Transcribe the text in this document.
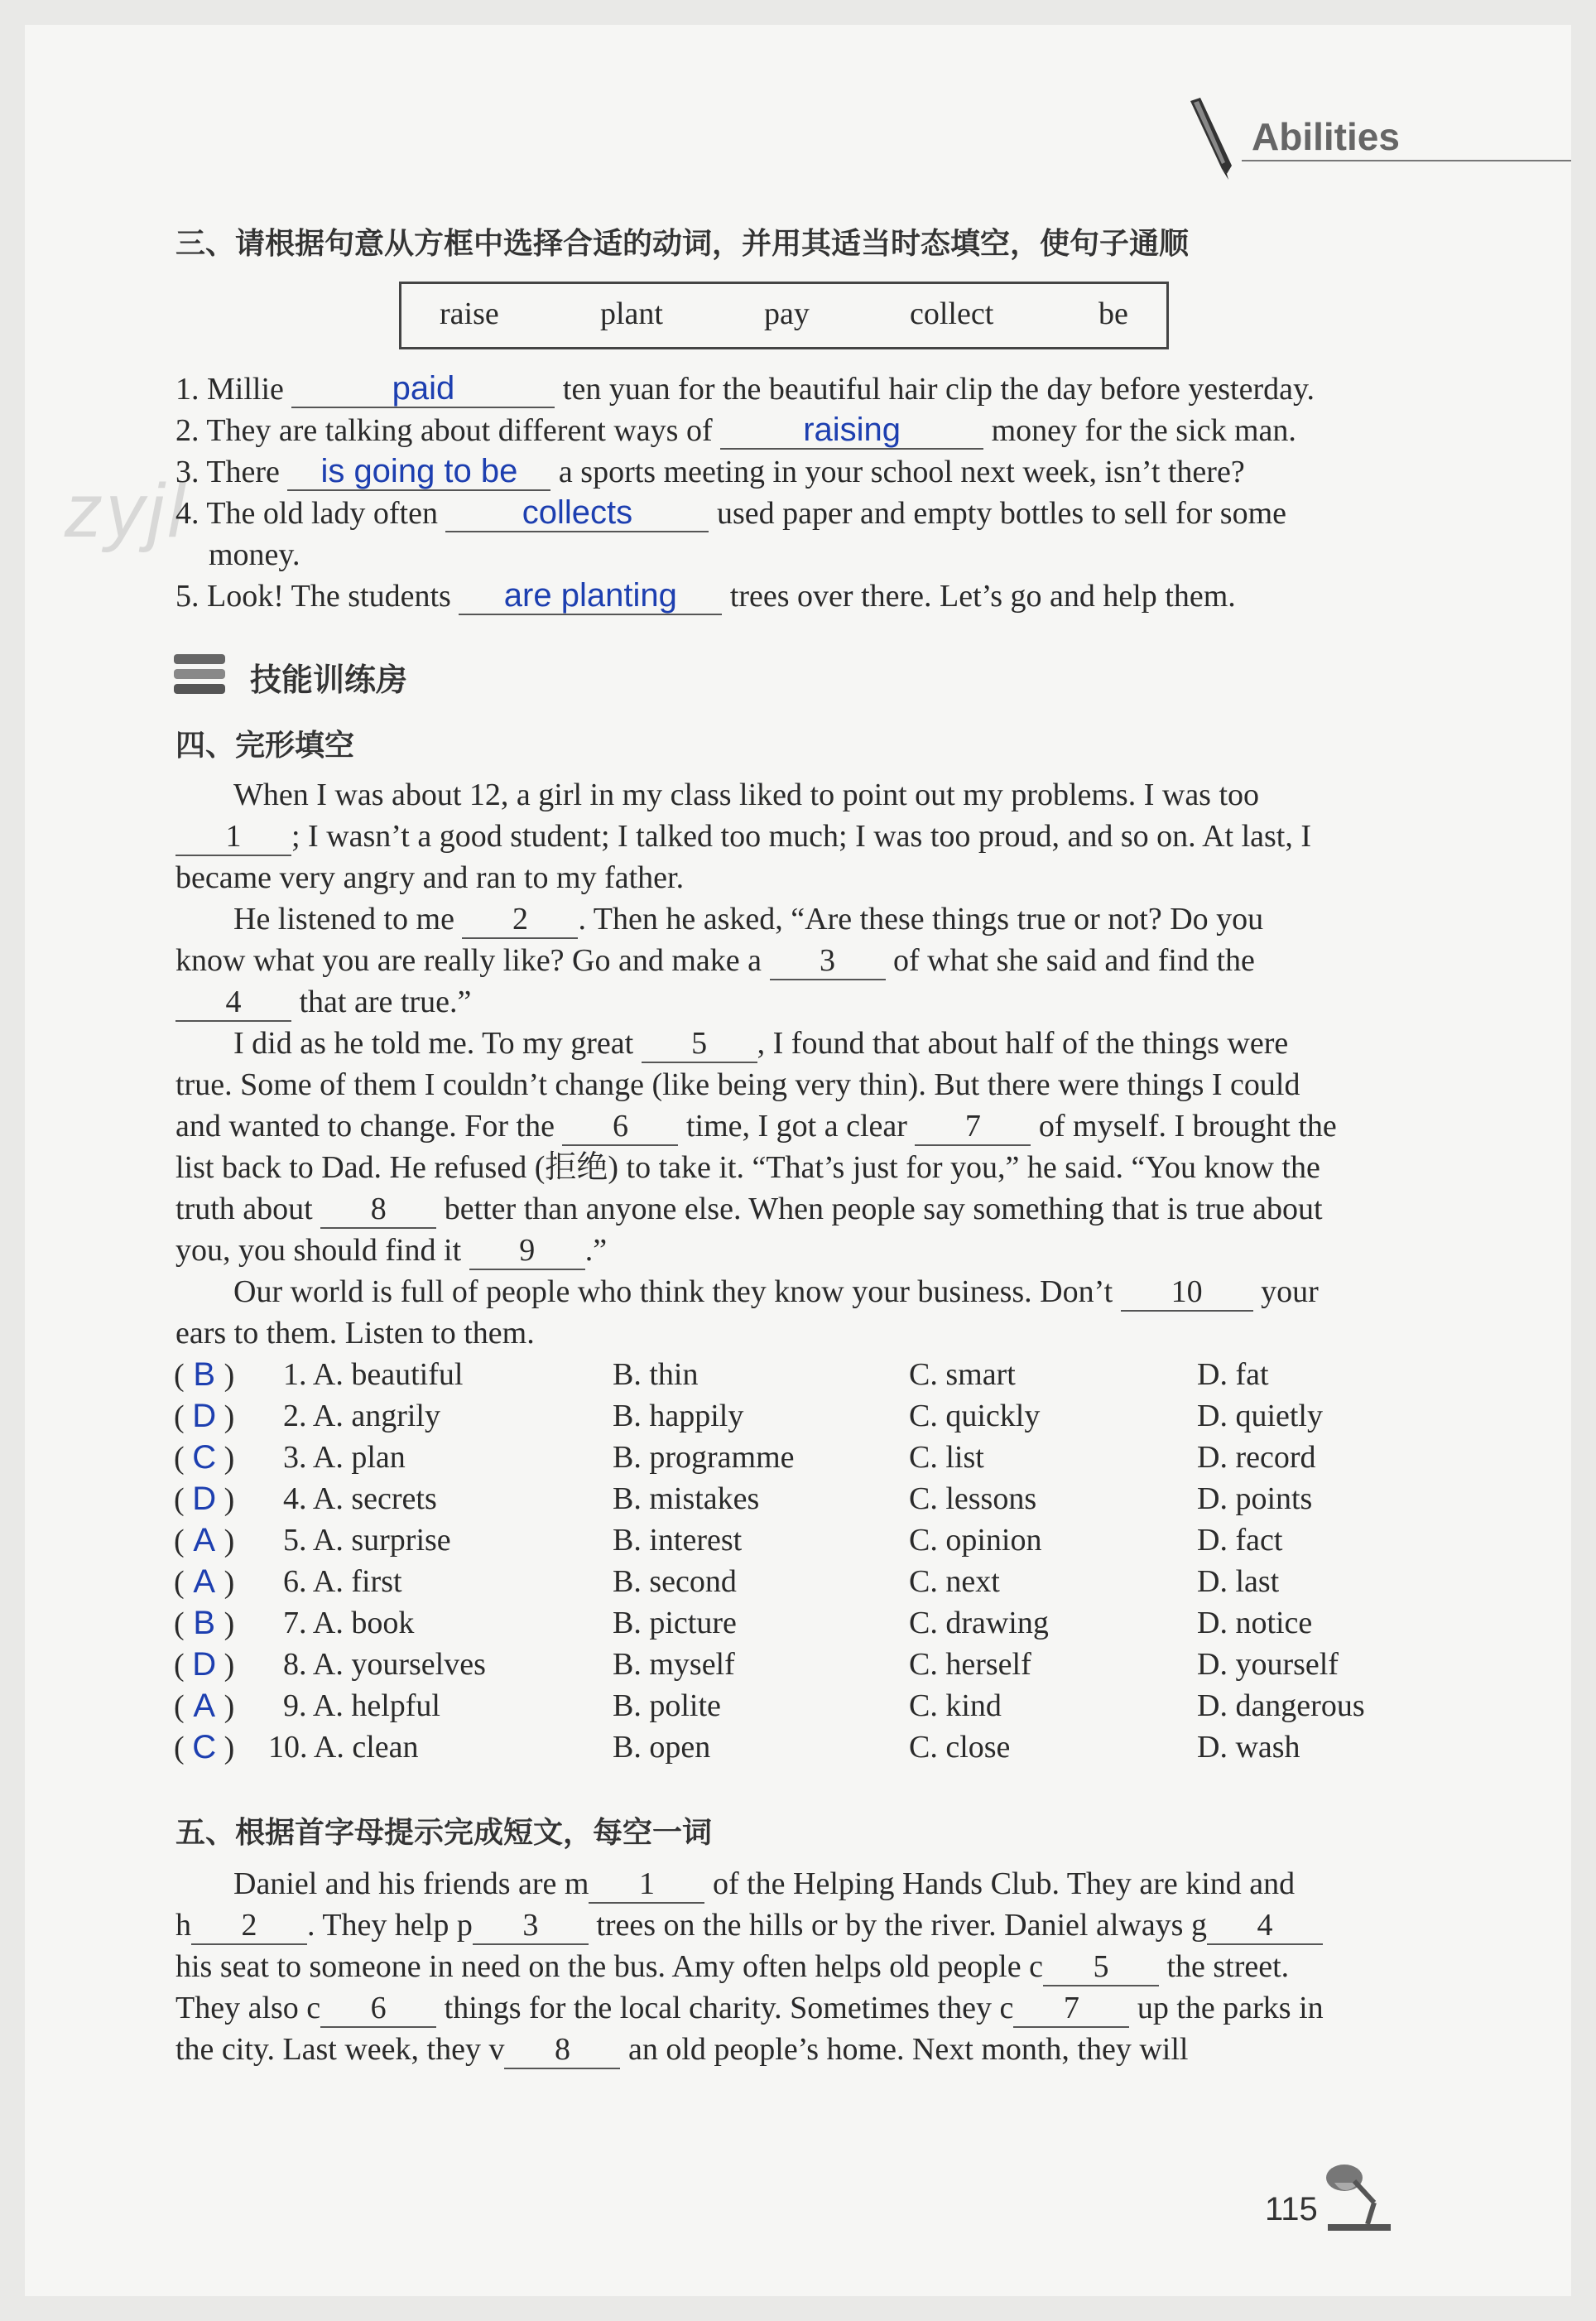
Abilities
zyjl
三、请根据句意从方框中选择合适的动词，并用其适当时态填空，使句子通顺
raise	plant	pay	collect	be
1. Millie	paid	ten yuan for the beautiful hair clip the day before yesterday.
2. They are talking about different ways of	raising	money for the sick man.
3. There is going to be a sports meeting in your school next week, isn’t there?
4. The old lady often	collects	used paper and empty bottles to sell for some
money.
5. Look! The students are planting trees over there. Let’s go and help them.
技能训练房
四、完形填空
When I was about 12, a girl in my class liked to point out my problems. I was too
1 ; I wasn’t a good student; I talked too much; I was too proud, and so on. At last, I
became very angry and ran to my father.
He listened to me 2 . Then he asked, “Are these things true or not? Do you
know what you are really like? Go and make a 3 of what she said and find the
4 that are true.”
I did as he told me. To my great 5 , I found that about half of the things were
true. Some of them I couldn’t change (like being very thin). But there were things I could
and wanted to change. For the 6 time, I got a clear 7 of myself. I brought the
list back to Dad. He refused (拒绝) to take it. “That’s just for you,” he said. “You know the
truth about 8 better than anyone else. When people say something that is true about
you, you should find it 9 .”
Our world is full of people who think they know your business. Don’t 10 your
ears to them. Listen to them.
( B ) 1. A. beautiful	B. thin	C. smart	D. fat
( D ) 2. A. angrily	B. happily	C. quickly	D. quietly
( C ) 3. A. plan	B. programme	C. list	D. record
( D ) 4. A. secrets	B. mistakes	C. lessons	D. points
( A ) 5. A. surprise	B. interest	C. opinion	D. fact
( A ) 6. A. first	B. second	C. next	D. last
( B ) 7. A. book	B. picture	C. drawing	D. notice
( D ) 8. A. yourselves	B. myself	C. herself	D. yourself
( A ) 9. A. helpful	B. polite	C. kind	D. dangerous
( C ) 10. A. clean	B. open	C. close	D. wash
五、根据首字母提示完成短文，每空一词
Daniel and his friends are m 1 of the Helping Hands Club. They are kind and
h 2 . They help p 3 trees on the hills or by the river. Daniel always g 4
his seat to someone in need on the bus. Amy often helps old people c 5 the street.
They also c 6 things for the local charity. Sometimes they c 7 up the parks in
the city. Last week, they v 8 an old people’s home. Next month, they will
115
